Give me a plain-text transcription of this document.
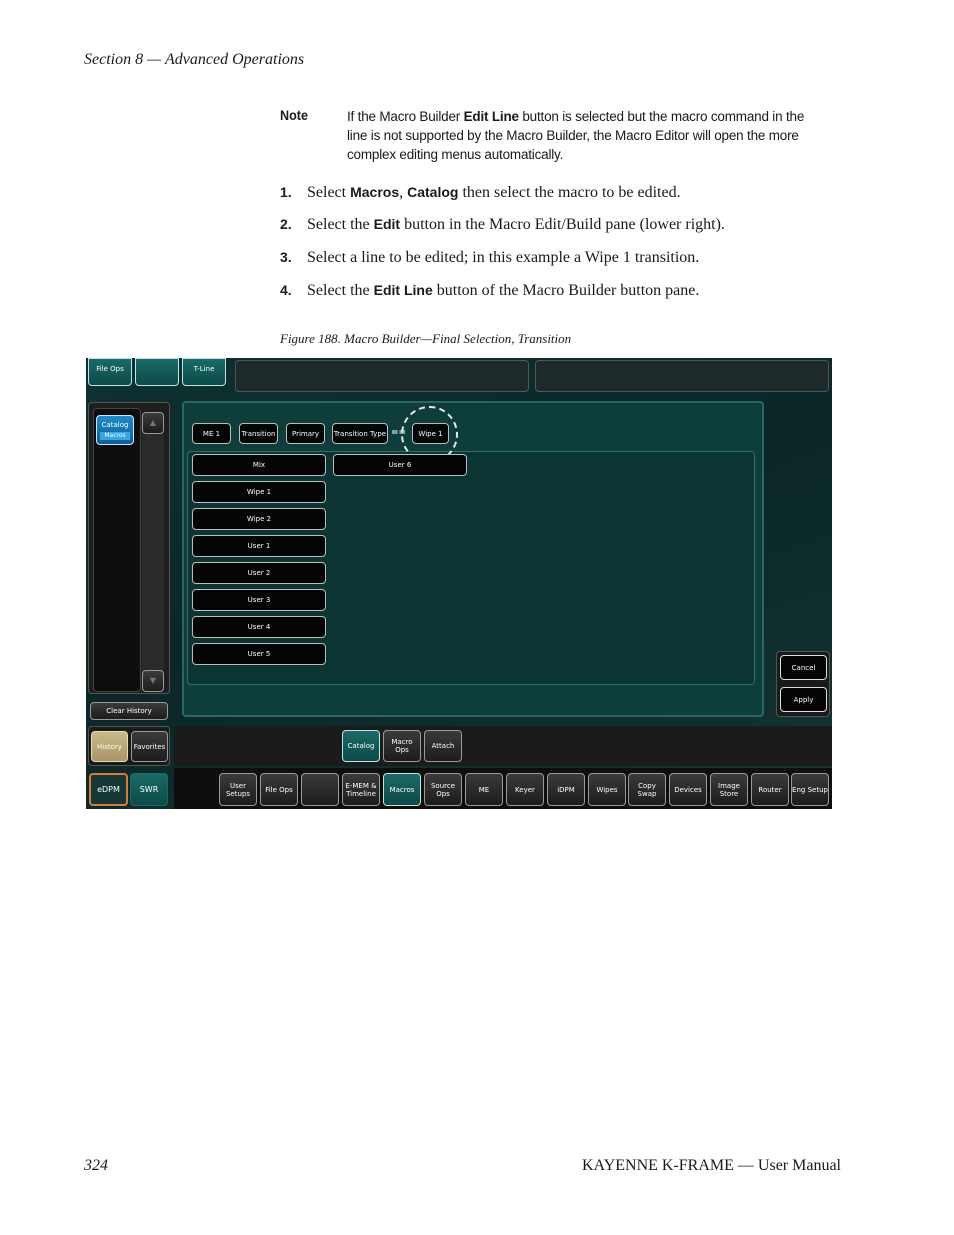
Section 8 — Advanced Operations
Note	If the Macro Builder Edit Line button is selected but the macro command in the line is not supported by the Macro Builder, the Macro Editor will open the more complex editing menus automatically.
1. Select Macros, Catalog then select the macro to be edited.
2. Select the Edit button in the Macro Edit/Build pane (lower right).
3. Select a line to be edited; in this example a Wipe 1 transition.
4. Select the Edit Line button of the Macro Builder button pane.
Figure 188. Macro Builder—Final Selection, Transition
File Ops	T-Line
Catalog
Macros
▲
▼
Clear History
History	Favorites
eDPM	SWR
ME 1	Transition	Primary	Transition Type ==	Wipe 1
Mix
Wipe 1
Wipe 2
User 1
User 2
User 3
User 4
User 5
User 6
Cancel
Apply
Catalog	Macro Ops	Attach
User Setups	File Ops	E-MEM & Timeline	Macros	Source Ops	ME	Keyer	iDPM	Wipes	Copy Swap	Devices	Image Store	Router	Eng Setup
324	KAYENNE K-FRAME — User Manual
